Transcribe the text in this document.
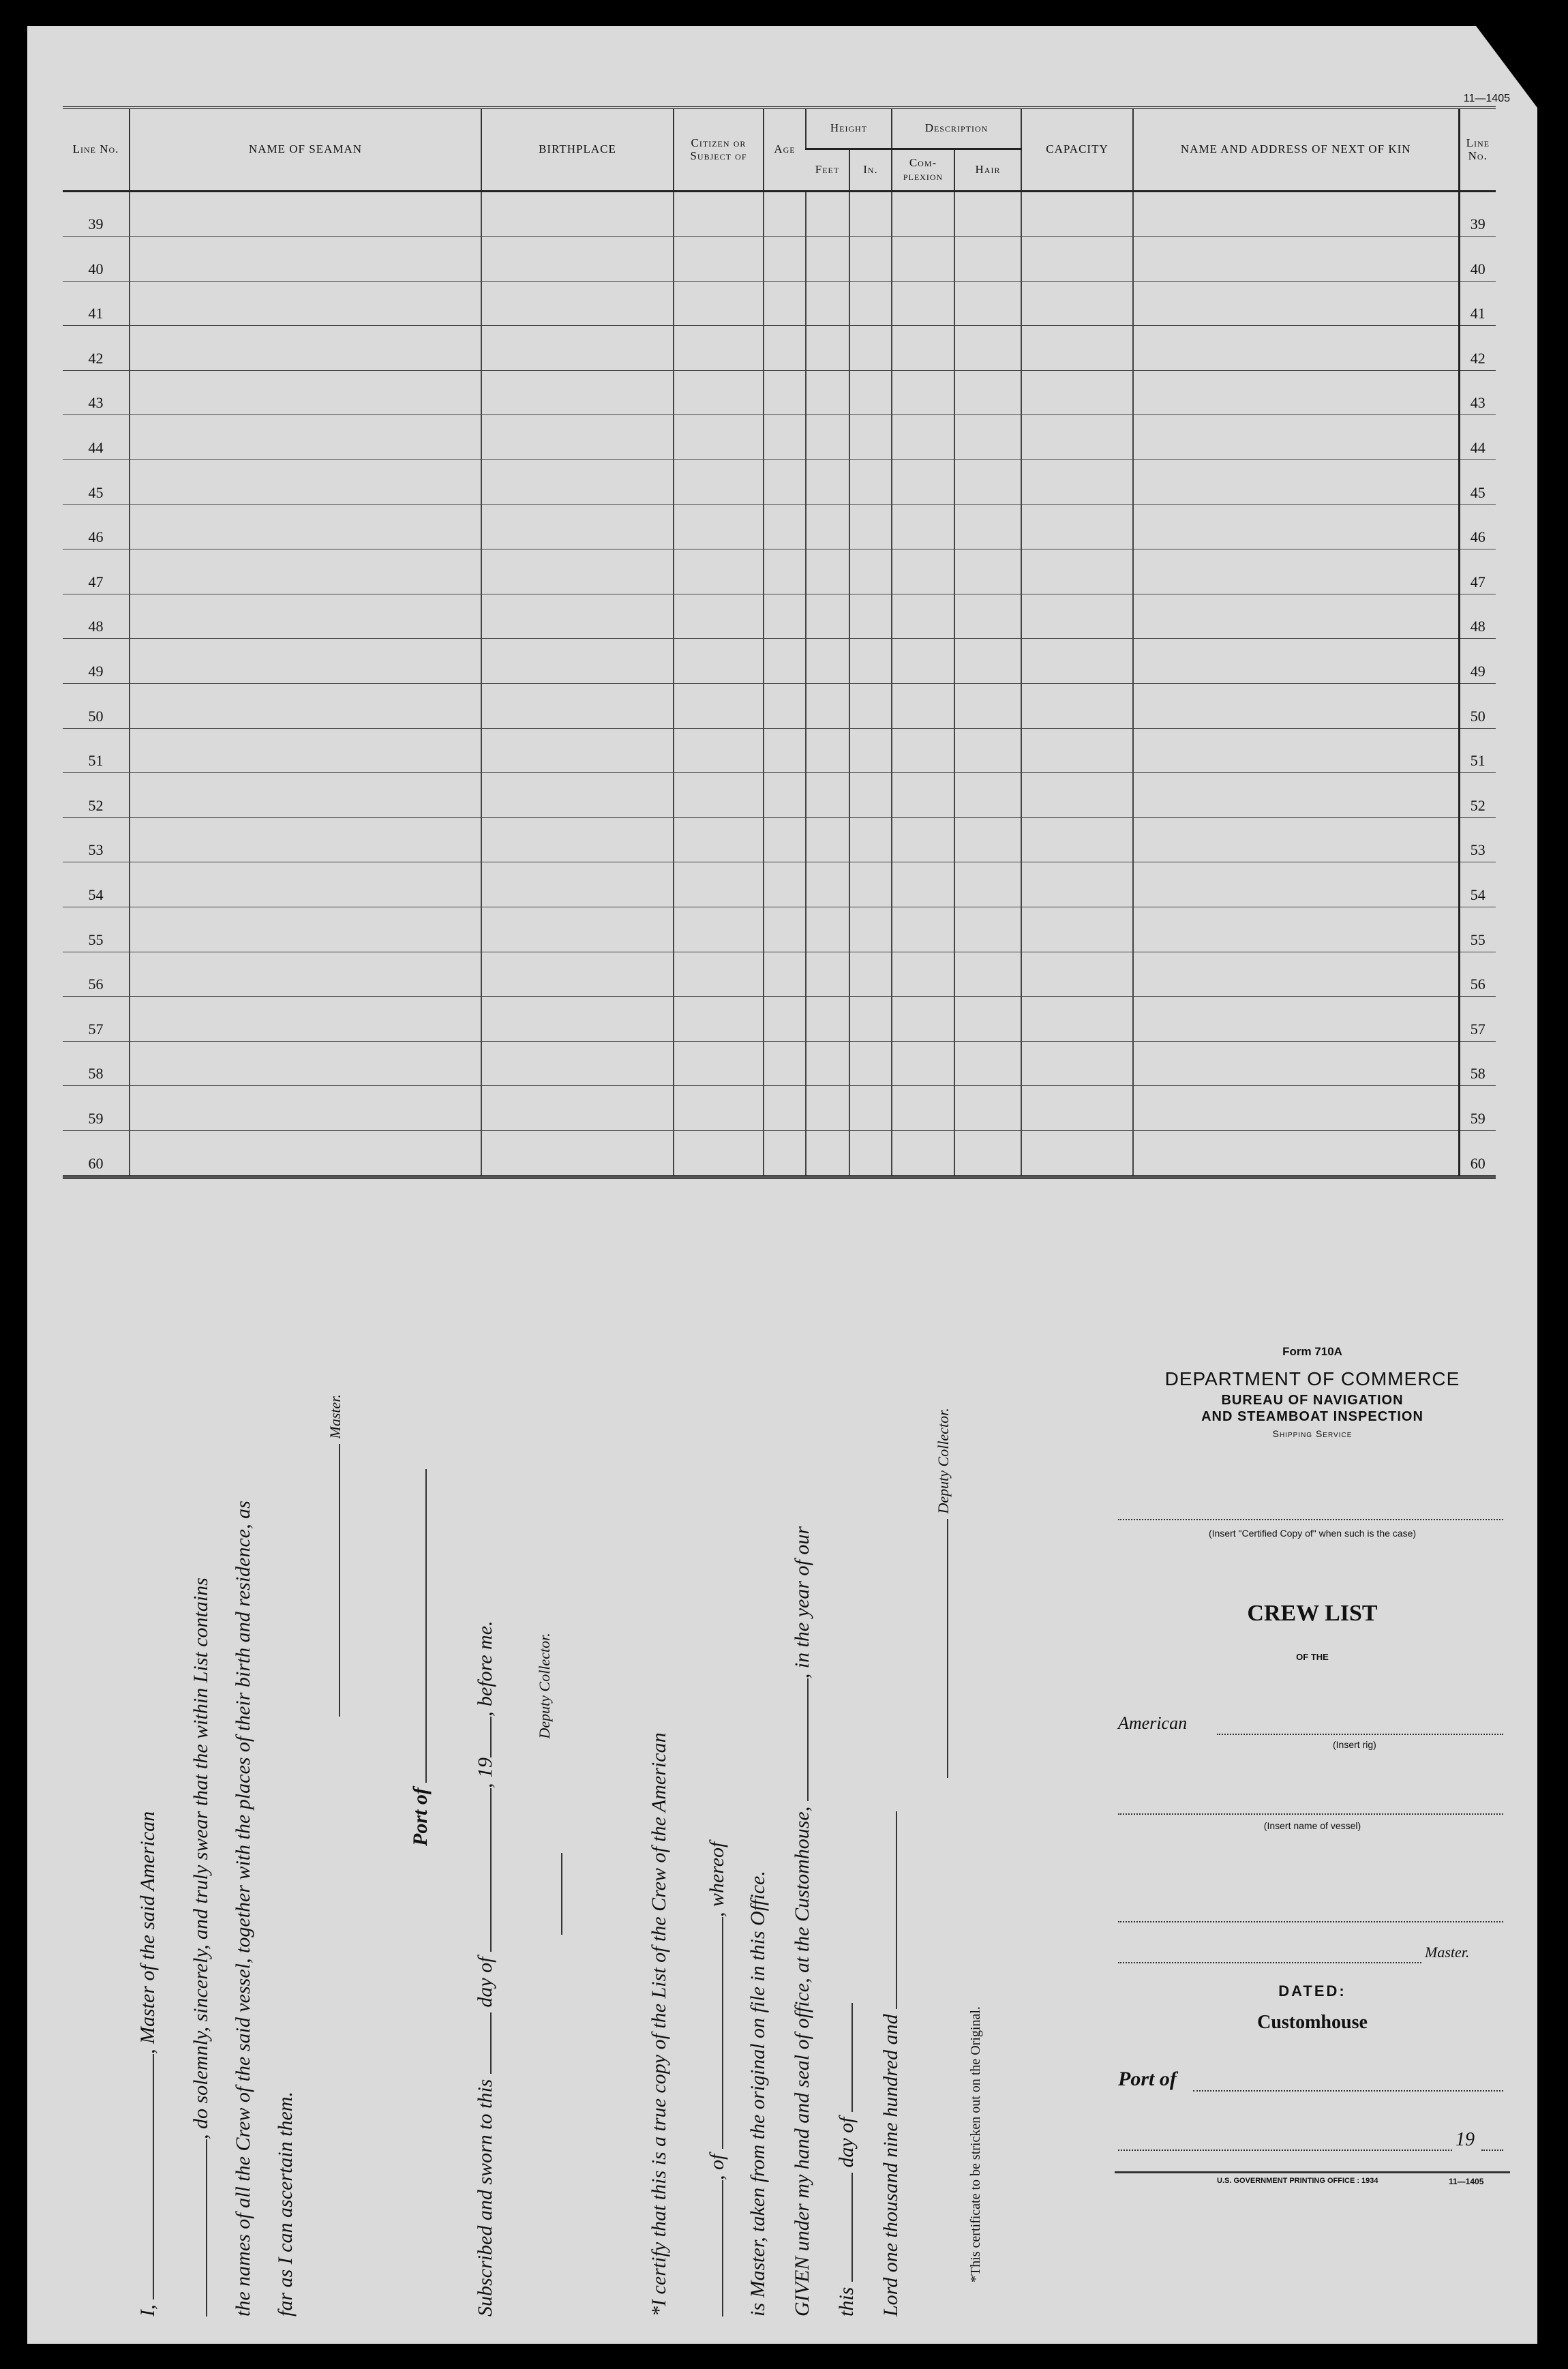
11—1405
Line No.	NAME OF SEAMAN	BIRTHPLACE	Citizen or Subject of	Age	Height		Description		CAPACITY	NAME AND ADDRESS OF NEXT OF KIN	Line No.
					Feet	In.	Com-plexion	Hair			
39											39
40											40
41											41
42											42
43											43
44											44
45											45
46											46
47											47
48											48
49											49
50											50
51											51
52											52
53											53
54											54
55											55
56											56
57											57
58											58
59											59
60											60
I, , Master of the said American , do solemnly, sincerely, and truly swear that the within List contains the names of all the Crew of the said vessel, together with the places of their birth and residence, as far as I can ascertain them.
Master.
Port of
Subscribed and sworn to this  day of , 19, before me.	Deputy Collector.
*I certify that this is a true copy of the List of the Crew of the American , of , whereof is Master, taken from the original on file in this Office. GIVEN under my hand and seal of office, at the Customhouse, , in the year of our
this  day of Lord one thousand nine hundred and
Deputy Collector.
*This certificate to be stricken out on the Original.
Form 710A
DEPARTMENT OF COMMERCE
BUREAU OF NAVIGATION
AND STEAMBOAT INSPECTION
Shipping Service
(Insert "Certified Copy of" when such is the case)
CREW LIST
OF THE
American
(Insert rig)
(Insert name of vessel)
Master.
DATED:
Customhouse
Port of
19
U.S. GOVERNMENT PRINTING OFFICE : 1934	11—1405
